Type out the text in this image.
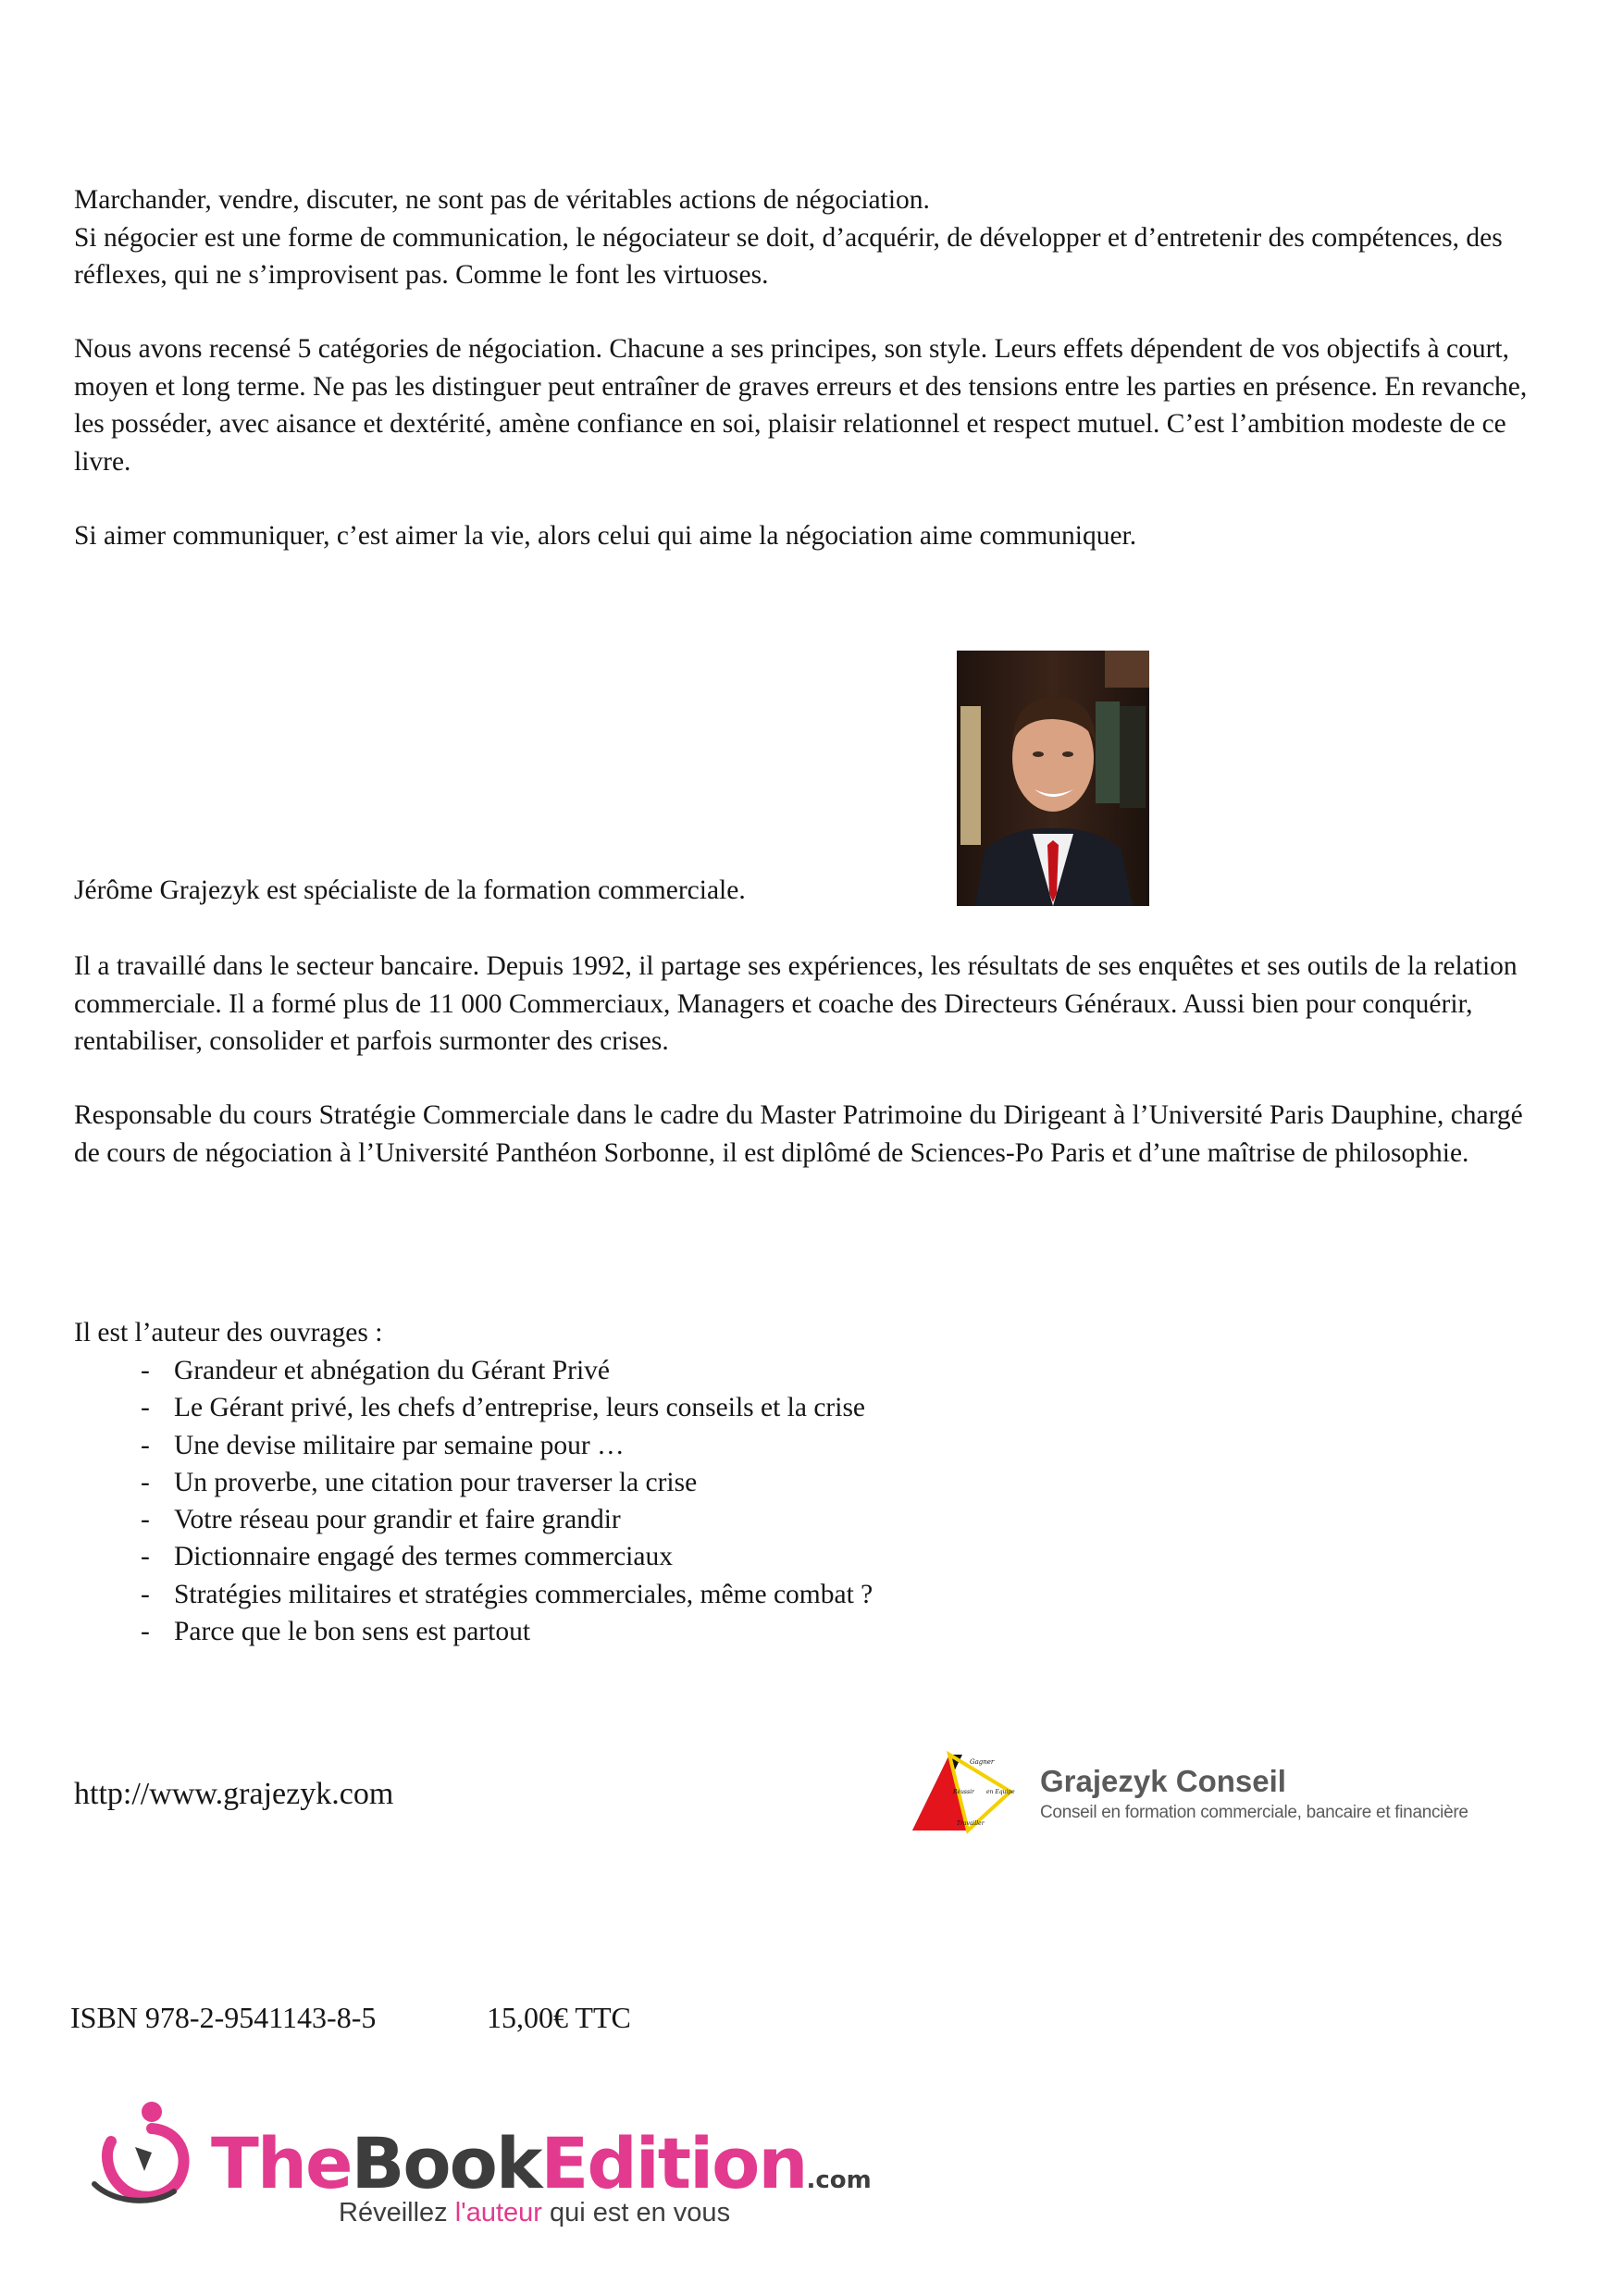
Marchander, vendre, discuter, ne sont pas de véritables actions de négociation.
Si négocier est une forme de communication, le négociateur se doit, d’acquérir, de développer et d’entretenir des compétences, des réflexes, qui ne s’improvisent pas. Comme le font les virtuoses.

Nous avons recensé 5 catégories de négociation. Chacune a ses principes, son style. Leurs effets dépendent de vos objectifs à court, moyen et long terme. Ne pas les distinguer peut entraîner de graves erreurs et des tensions entre les parties en présence. En revanche, les posséder, avec aisance et dextérité, amène confiance en soi, plaisir relationnel et respect mutuel. C’est l’ambition modeste de ce livre.

Si aimer communiquer, c’est aimer la vie, alors celui qui aime la négociation aime communiquer.

Jérôme Grajezyk est spécialiste de la formation commerciale.

Il a travaillé dans le secteur bancaire. Depuis 1992, il partage ses expériences, les résultats de ses enquêtes et ses outils de la relation commerciale. Il a formé plus de 11 000 Commerciaux, Managers et coache des Directeurs Généraux. Aussi bien pour conquérir, rentabiliser, consolider et parfois surmonter des crises.

Responsable du cours Stratégie Commerciale dans le cadre du Master Patrimoine du Dirigeant à l’Université Paris Dauphine, chargé de cours de négociation à l’Université Panthéon Sorbonne, il est diplômé de Sciences-Po Paris et d’une maîtrise de philosophie.

Il est l’auteur des ouvrages :

- Grandeur et abnégation du Gérant Privé
- Le Gérant privé, les chefs d’entreprise, leurs conseils et la crise
- Une devise militaire par semaine pour …
- Un proverbe, une citation pour traverser la crise
- Votre réseau pour grandir et faire grandir
- Dictionnaire engagé des termes commerciaux
- Stratégies militaires et stratégies commerciales, même combat ?
- Parce que le bon sens est partout

http://www.grajezyk.com

Gagner
Réussir en Equipe
Travailler

Grajezyk Conseil

Conseil en formation commerciale, bancaire et financière

ISBN 978-2-9541143-8-5	15,00€ TTC

TheBookEdition.com

Réveillez l'auteur qui est en vous
